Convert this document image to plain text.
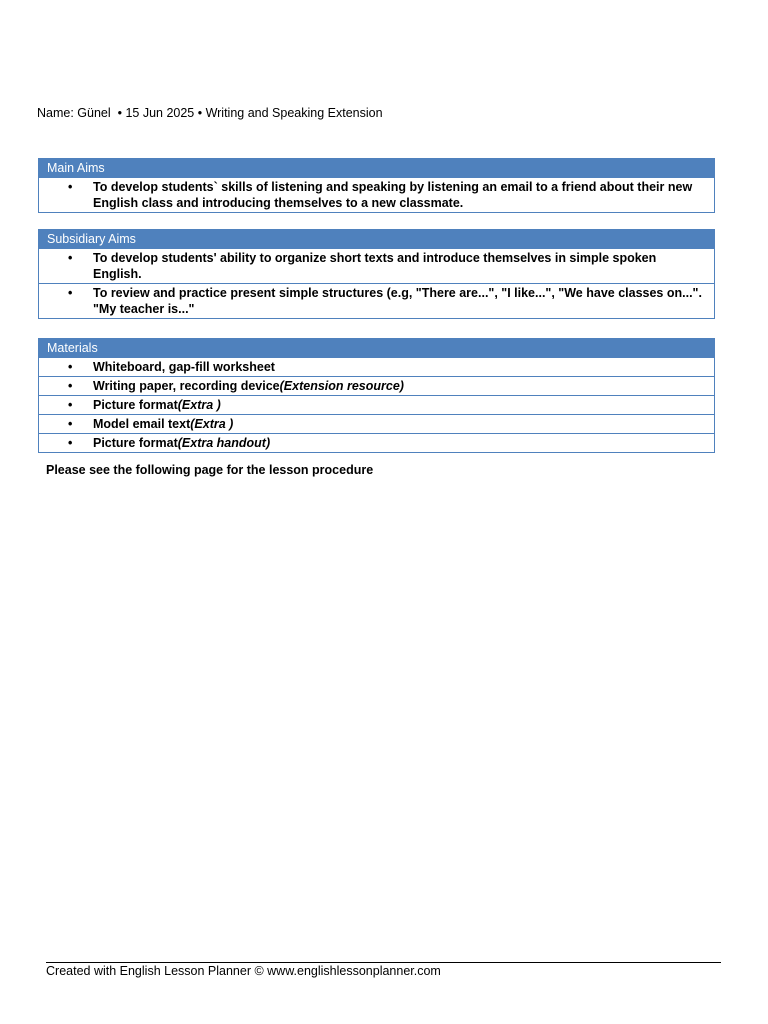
Name: Günel  • 15 Jun 2025 • Writing and Speaking Extension
Main Aims
• To develop students` skills of listening and speaking by listening an email to a friend about their new English class and introducing themselves to a new classmate.
Subsidiary Aims
• To develop students' ability to organize short texts and introduce themselves in simple spoken English.
• To review and practice present simple structures (e.g, "There are...", "I like...", "We have classes on...". "My teacher is..."
Materials
• Whiteboard, gap-fill worksheet
• Writing paper, recording device(Extension resource)
• Picture format(Extra )
• Model email text(Extra )
• Picture format(Extra handout)
Please see the following page for the lesson procedure
Created with English Lesson Planner © www.englishlessonplanner.com
